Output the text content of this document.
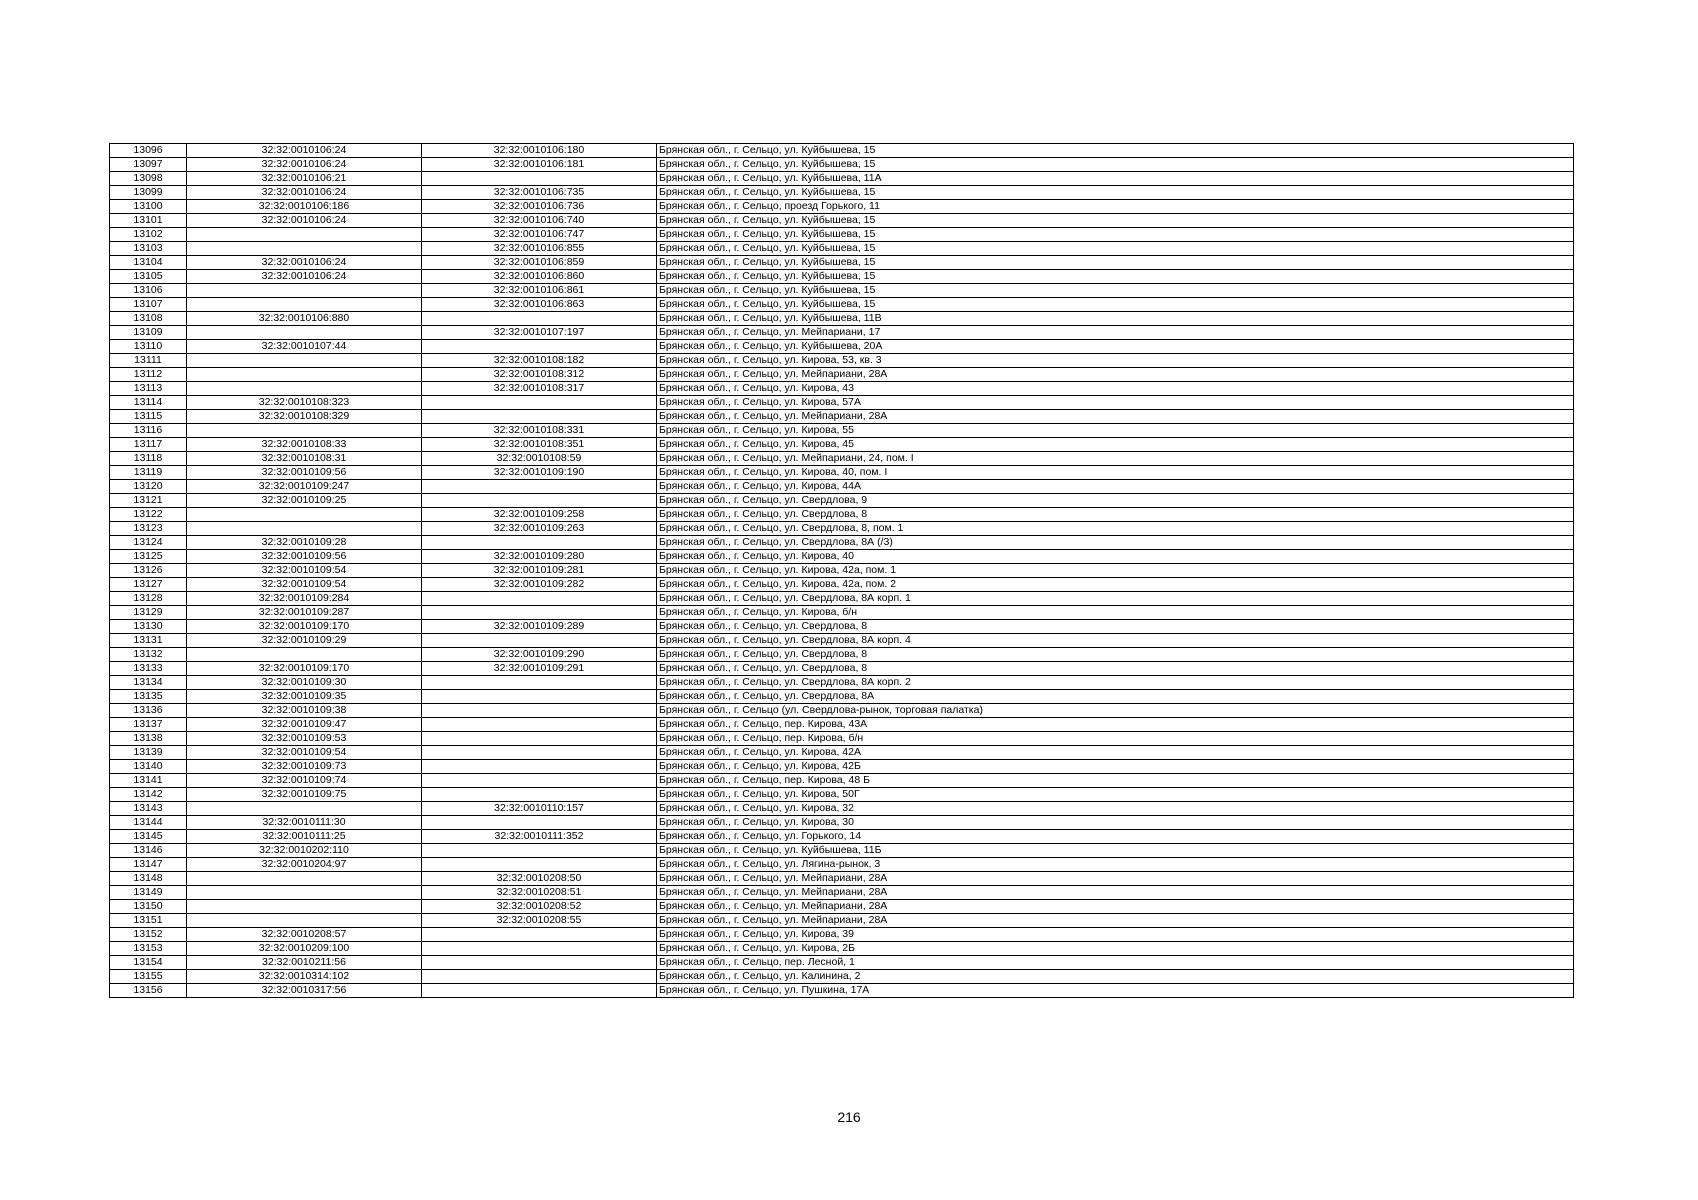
13096	32:32:0010106:24	32:32:0010106:180	Брянская обл., г. Сельцо, ул. Куйбышева, 15
13097	32:32:0010106:24	32:32:0010106:181	Брянская обл., г. Сельцо, ул. Куйбышева, 15
13098	32:32:0010106:21		Брянская обл., г. Сельцо, ул. Куйбышева, 11А
13099	32:32:0010106:24	32:32:0010106:735	Брянская обл., г. Сельцо, ул. Куйбышева, 15
13100	32:32:0010106:186	32:32:0010106:736	Брянская обл., г. Сельцо, проезд Горького, 11
13101	32:32:0010106:24	32:32:0010106:740	Брянская обл., г. Сельцо, ул. Куйбышева, 15
13102		32:32:0010106:747	Брянская обл., г. Сельцо, ул. Куйбышева, 15
13103		32:32:0010106:855	Брянская обл., г. Сельцо, ул. Куйбышева, 15
13104	32:32:0010106:24	32:32:0010106:859	Брянская обл., г. Сельцо, ул. Куйбышева, 15
13105	32:32:0010106:24	32:32:0010106:860	Брянская обл., г. Сельцо, ул. Куйбышева, 15
13106		32:32:0010106:861	Брянская обл., г. Сельцо, ул. Куйбышева, 15
13107		32:32:0010106:863	Брянская обл., г. Сельцо, ул. Куйбышева, 15
13108	32:32:0010106:880		Брянская обл., г. Сельцо, ул. Куйбышева, 11В
13109		32:32:0010107:197	Брянская обл., г. Сельцо, ул. Мейпариани, 17
13110	32:32:0010107:44		Брянская обл., г. Сельцо, ул. Куйбышева, 20А
13111		32:32:0010108:182	Брянская обл., г. Сельцо, ул. Кирова, 53, кв. 3
13112		32:32:0010108:312	Брянская обл., г. Сельцо, ул. Мейпариани, 28А
13113		32:32:0010108:317	Брянская обл., г. Сельцо, ул. Кирова, 43
13114	32:32:0010108:323		Брянская обл., г. Сельцо, ул. Кирова, 57А
13115	32:32:0010108:329		Брянская обл., г. Сельцо, ул. Мейпариани, 28А
13116		32:32:0010108:331	Брянская обл., г. Сельцо, ул. Кирова, 55
13117	32:32:0010108:33	32:32:0010108:351	Брянская обл., г. Сельцо, ул. Кирова, 45
13118	32:32:0010108:31	32:32:0010108:59	Брянская обл., г. Сельцо, ул. Мейпариани, 24, пом. I
13119	32:32:0010109:56	32:32:0010109:190	Брянская обл., г. Сельцо, ул. Кирова, 40, пом. I
13120	32:32:0010109:247		Брянская обл., г. Сельцо, ул. Кирова, 44А
13121	32:32:0010109:25		Брянская обл., г. Сельцо, ул. Свердлова, 9
13122		32:32:0010109:258	Брянская обл., г. Сельцо, ул. Свердлова, 8
13123		32:32:0010109:263	Брянская обл., г. Сельцо, ул. Свердлова, 8, пом. 1
13124	32:32:0010109:28		Брянская обл., г. Сельцо, ул. Свердлова, 8А (/3)
13125	32:32:0010109:56	32:32:0010109:280	Брянская обл., г. Сельцо, ул. Кирова, 40
13126	32:32:0010109:54	32:32:0010109:281	Брянская обл., г. Сельцо, ул. Кирова, 42а, пом. 1
13127	32:32:0010109:54	32:32:0010109:282	Брянская обл., г. Сельцо, ул. Кирова, 42а, пом. 2
13128	32:32:0010109:284		Брянская обл., г. Сельцо, ул. Свердлова, 8А корп. 1
13129	32:32:0010109:287		Брянская обл., г. Сельцо, ул. Кирова, б/н
13130	32:32:0010109:170	32:32:0010109:289	Брянская обл., г. Сельцо, ул. Свердлова, 8
13131	32:32:0010109:29		Брянская обл., г. Сельцо, ул. Свердлова, 8А корп. 4
13132		32:32:0010109:290	Брянская обл., г. Сельцо, ул. Свердлова, 8
13133	32:32:0010109:170	32:32:0010109:291	Брянская обл., г. Сельцо, ул. Свердлова, 8
13134	32:32:0010109:30		Брянская обл., г. Сельцо, ул. Свердлова, 8А корп. 2
13135	32:32:0010109:35		Брянская обл., г. Сельцо, ул. Свердлова, 8А
13136	32:32:0010109:38		Брянская обл., г. Сельцо (ул. Свердлова-рынок, торговая палатка)
13137	32:32:0010109:47		Брянская обл., г. Сельцо, пер. Кирова, 43А
13138	32:32:0010109:53		Брянская обл., г. Сельцо, пер. Кирова, б/н
13139	32:32:0010109:54		Брянская обл., г. Сельцо, ул. Кирова, 42А
13140	32:32:0010109:73		Брянская обл., г. Сельцо, ул. Кирова, 42Б
13141	32:32:0010109:74		Брянская обл., г. Сельцо, пер. Кирова, 48 Б
13142	32:32:0010109:75		Брянская обл., г. Сельцо, ул. Кирова, 50Г
13143		32:32:0010110:157	Брянская обл., г. Сельцо, ул. Кирова, 32
13144	32:32:0010111:30		Брянская обл., г. Сельцо, ул. Кирова, 30
13145	32:32:0010111:25	32:32:0010111:352	Брянская обл., г. Сельцо, ул. Горького, 14
13146	32:32:0010202:110		Брянская обл., г. Сельцо, ул. Куйбышева, 11Б
13147	32:32:0010204:97		Брянская обл., г. Сельцо, ул. Лягина-рынок, 3
13148		32:32:0010208:50	Брянская обл., г. Сельцо, ул. Мейпариани, 28А
13149		32:32:0010208:51	Брянская обл., г. Сельцо, ул. Мейпариани, 28А
13150		32:32:0010208:52	Брянская обл., г. Сельцо, ул. Мейпариани, 28А
13151		32:32:0010208:55	Брянская обл., г. Сельцо, ул. Мейпариани, 28А
13152	32:32:0010208:57		Брянская обл., г. Сельцо, ул. Кирова, 39
13153	32:32:0010209:100		Брянская обл., г. Сельцо, ул. Кирова, 2Б
13154	32:32:0010211:56		Брянская обл., г. Сельцо, пер. Лесной, 1
13155	32:32:0010314:102		Брянская обл., г. Сельцо, ул. Калинина, 2
13156	32:32:0010317:56		Брянская обл., г. Сельцо, ул. Пушкина, 17А
216
